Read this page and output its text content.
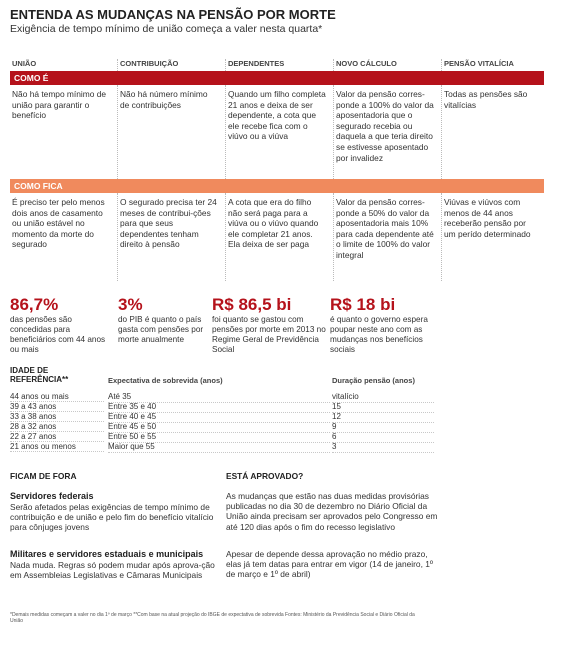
ENTENDA AS MUDANÇAS NA PENSÃO POR MORTE
Exigência de tempo mínimo de união começa a valer nesta quarta*
UNIÃO	CONTRIBUIÇÃO	DEPENDENTES	NOVO CÁLCULO	PENSÃO VITALÍCIA
COMO É
Não há tempo mínimo de união para garantir o benefício
Não há número mínimo de contribuições
Quando um filho completa 21 anos e deixa de ser dependente, a cota que ele recebe fica com o viúvo ou a viúva
Valor da pensão corres-ponde a 100% do valor da aposentadoria que o segurado recebia ou daquela a que teria direito se estivesse aposentado por invalidez
Todas as pensões são vitalícias
COMO FICA
É preciso ter pelo menos dois anos de casamento ou união estável no momento da morte do segurado
O segurado precisa ter 24 meses de contribui-ções para que seus dependentes tenham direito à pensão
A cota que era do filho não será paga para a viúva ou o viúvo quando ele completar 21 anos. Ela deixa de ser paga
Valor da pensão corres-ponde a 50% do valor da aposentadoria mais 10% para cada dependente até o limite de 100% do valor integral
Viúvas e viúvos com menos de 44 anos receberão pensão por um perído determinado
86,7%
das pensões são concedidas para beneficiários com 44 anos ou mais
3%
do PIB é quanto o país gasta com pensões por morte anualmente
R$ 86,5 bi
foi quanto se gastou com pensões por morte em 2013 no Regime Geral de Previdência Social
R$ 18 bi
é quanto o governo espera poupar neste ano com as mudanças nos benefícios sociais
IDADE DE REFERÊNCIA**	Expectativa de sobrevida (anos)	Duração pensão (anos)
44 anos ou mais	Até 35	vitalício
39 a 43 anos	Entre 35 e 40	15
33 a 38 anos	Entre 40 e 45	12
28 a 32 anos	Entre 45 e 50	9
22 a 27 anos	Entre 50 e 55	6
21 anos ou menos	Maior que 55	3
FICAM DE FORA
Servidores federais
Serão afetados pelas exigências de tempo mínimo de contribuição e de união e pelo fim do benefício vitalício para cônjuges jovens
Militares e servidores estaduais e municipais
Nada muda. Regras só podem mudar após aprova-ção em Assembleias Legislativas e Câmaras Municipais
ESTÁ APROVADO?
As mudanças que estão nas duas medidas provisórias publicadas no dia 30 de dezembro no Diário Oficial da União ainda precisam ser aprovados pelo Congresso em até 120 dias após o fim do recesso legislativo
Apesar de depende dessa aprovação no médio prazo, elas já tem datas para entrar em vigor (14 de janeiro, 1º de março e 1º de abril)
*Demais medidas começam a valer no dia 1º de março **Com base na atual projeção do IBGE de expectativa de sobrevida Fontes: Ministério da Previdência Social e Diário Oficial da União
